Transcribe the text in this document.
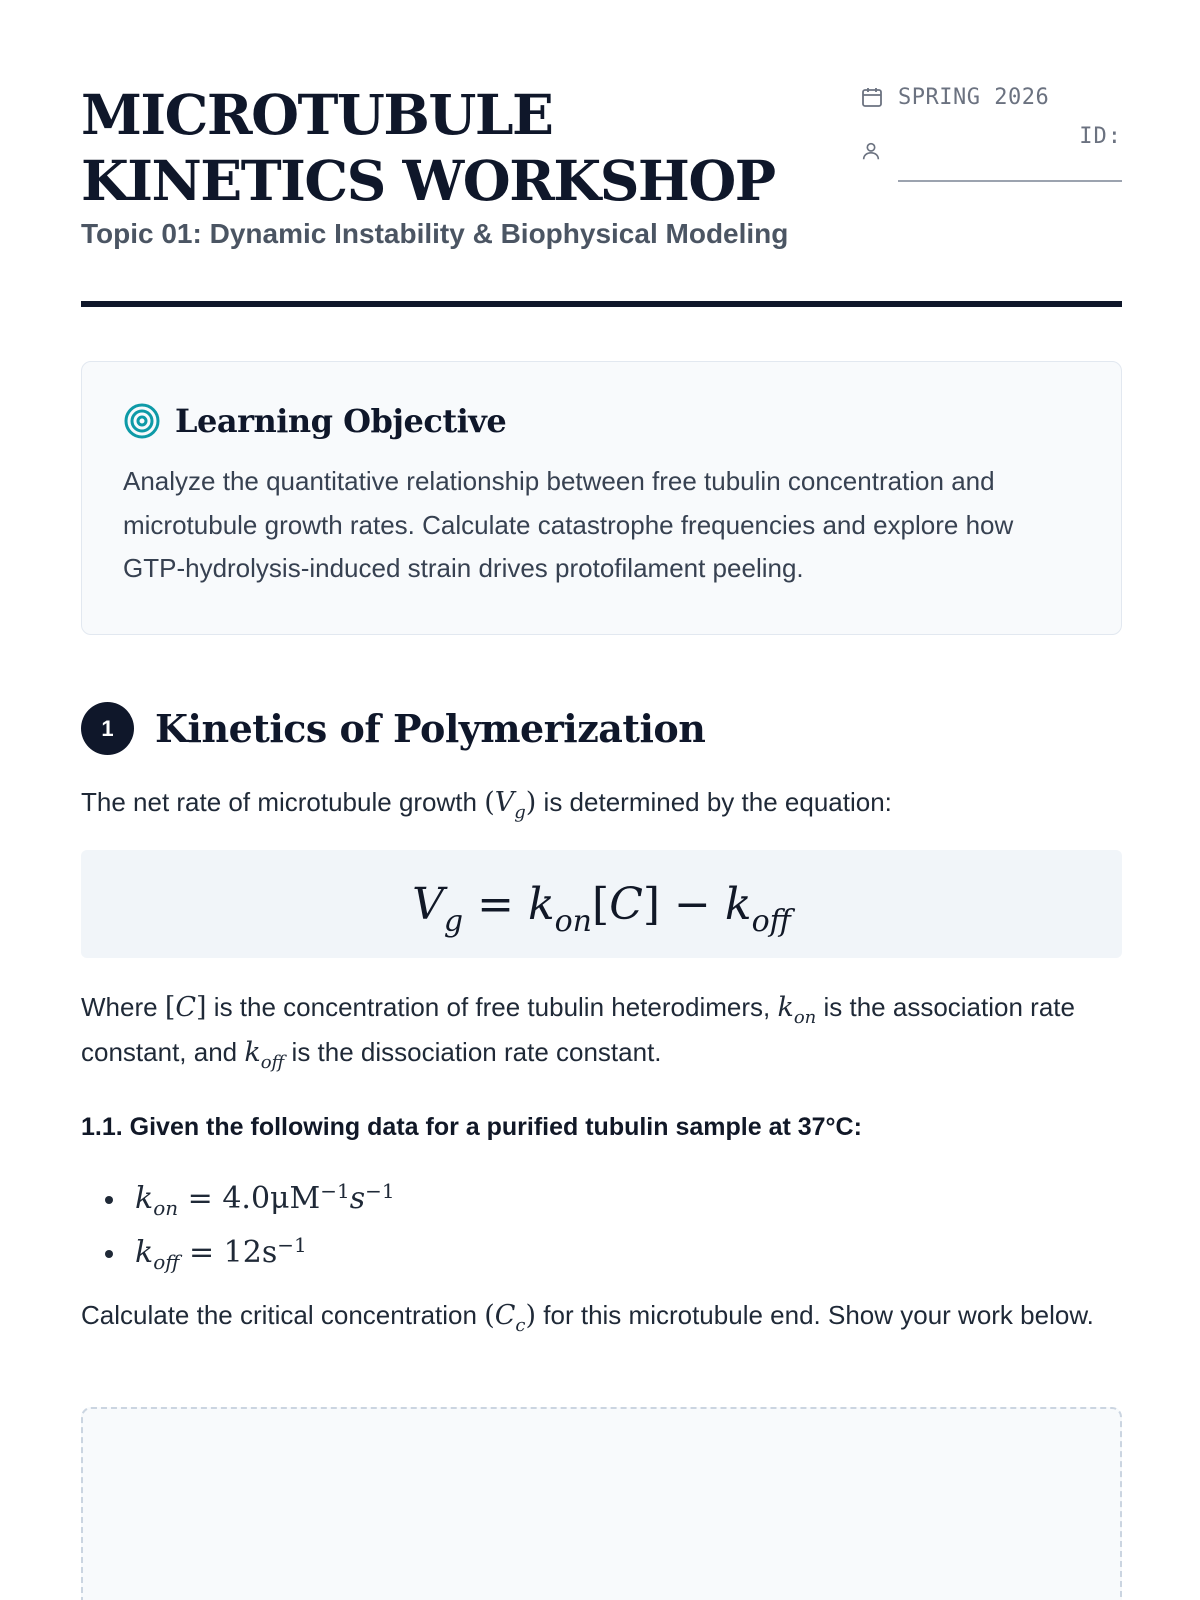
MICROTUBULE KINETICS WORKSHOP
Topic 01: Dynamic Instability & Biophysical Modeling
SPRING 2026
ID:
Learning Objective

Analyze the quantitative relationship between free tubulin concentration and microtubule growth rates. Calculate catastrophe frequencies and explore how GTP-hydrolysis-induced strain drives protofilament peeling.

1	Kinetics of Polymerization

The net rate of microtubule growth $(V_g)$ is determined by the equation:

$V_g = k_{on}[C] - k_{off}$

Where [C] is the concentration of free tubulin heterodimers, $k_{on}$ is the association rate constant, and $k_{off}$ is the dissociation rate constant.

1.1. Given the following data for a purified tubulin sample at 37°C:
$k_{on} = 4.0\mu M^{-1}s^{-1}$
$k_{off} = 12s^{-1}$

Calculate the critical concentration $(C_c)$ for this microtubule end. Show your work below.
